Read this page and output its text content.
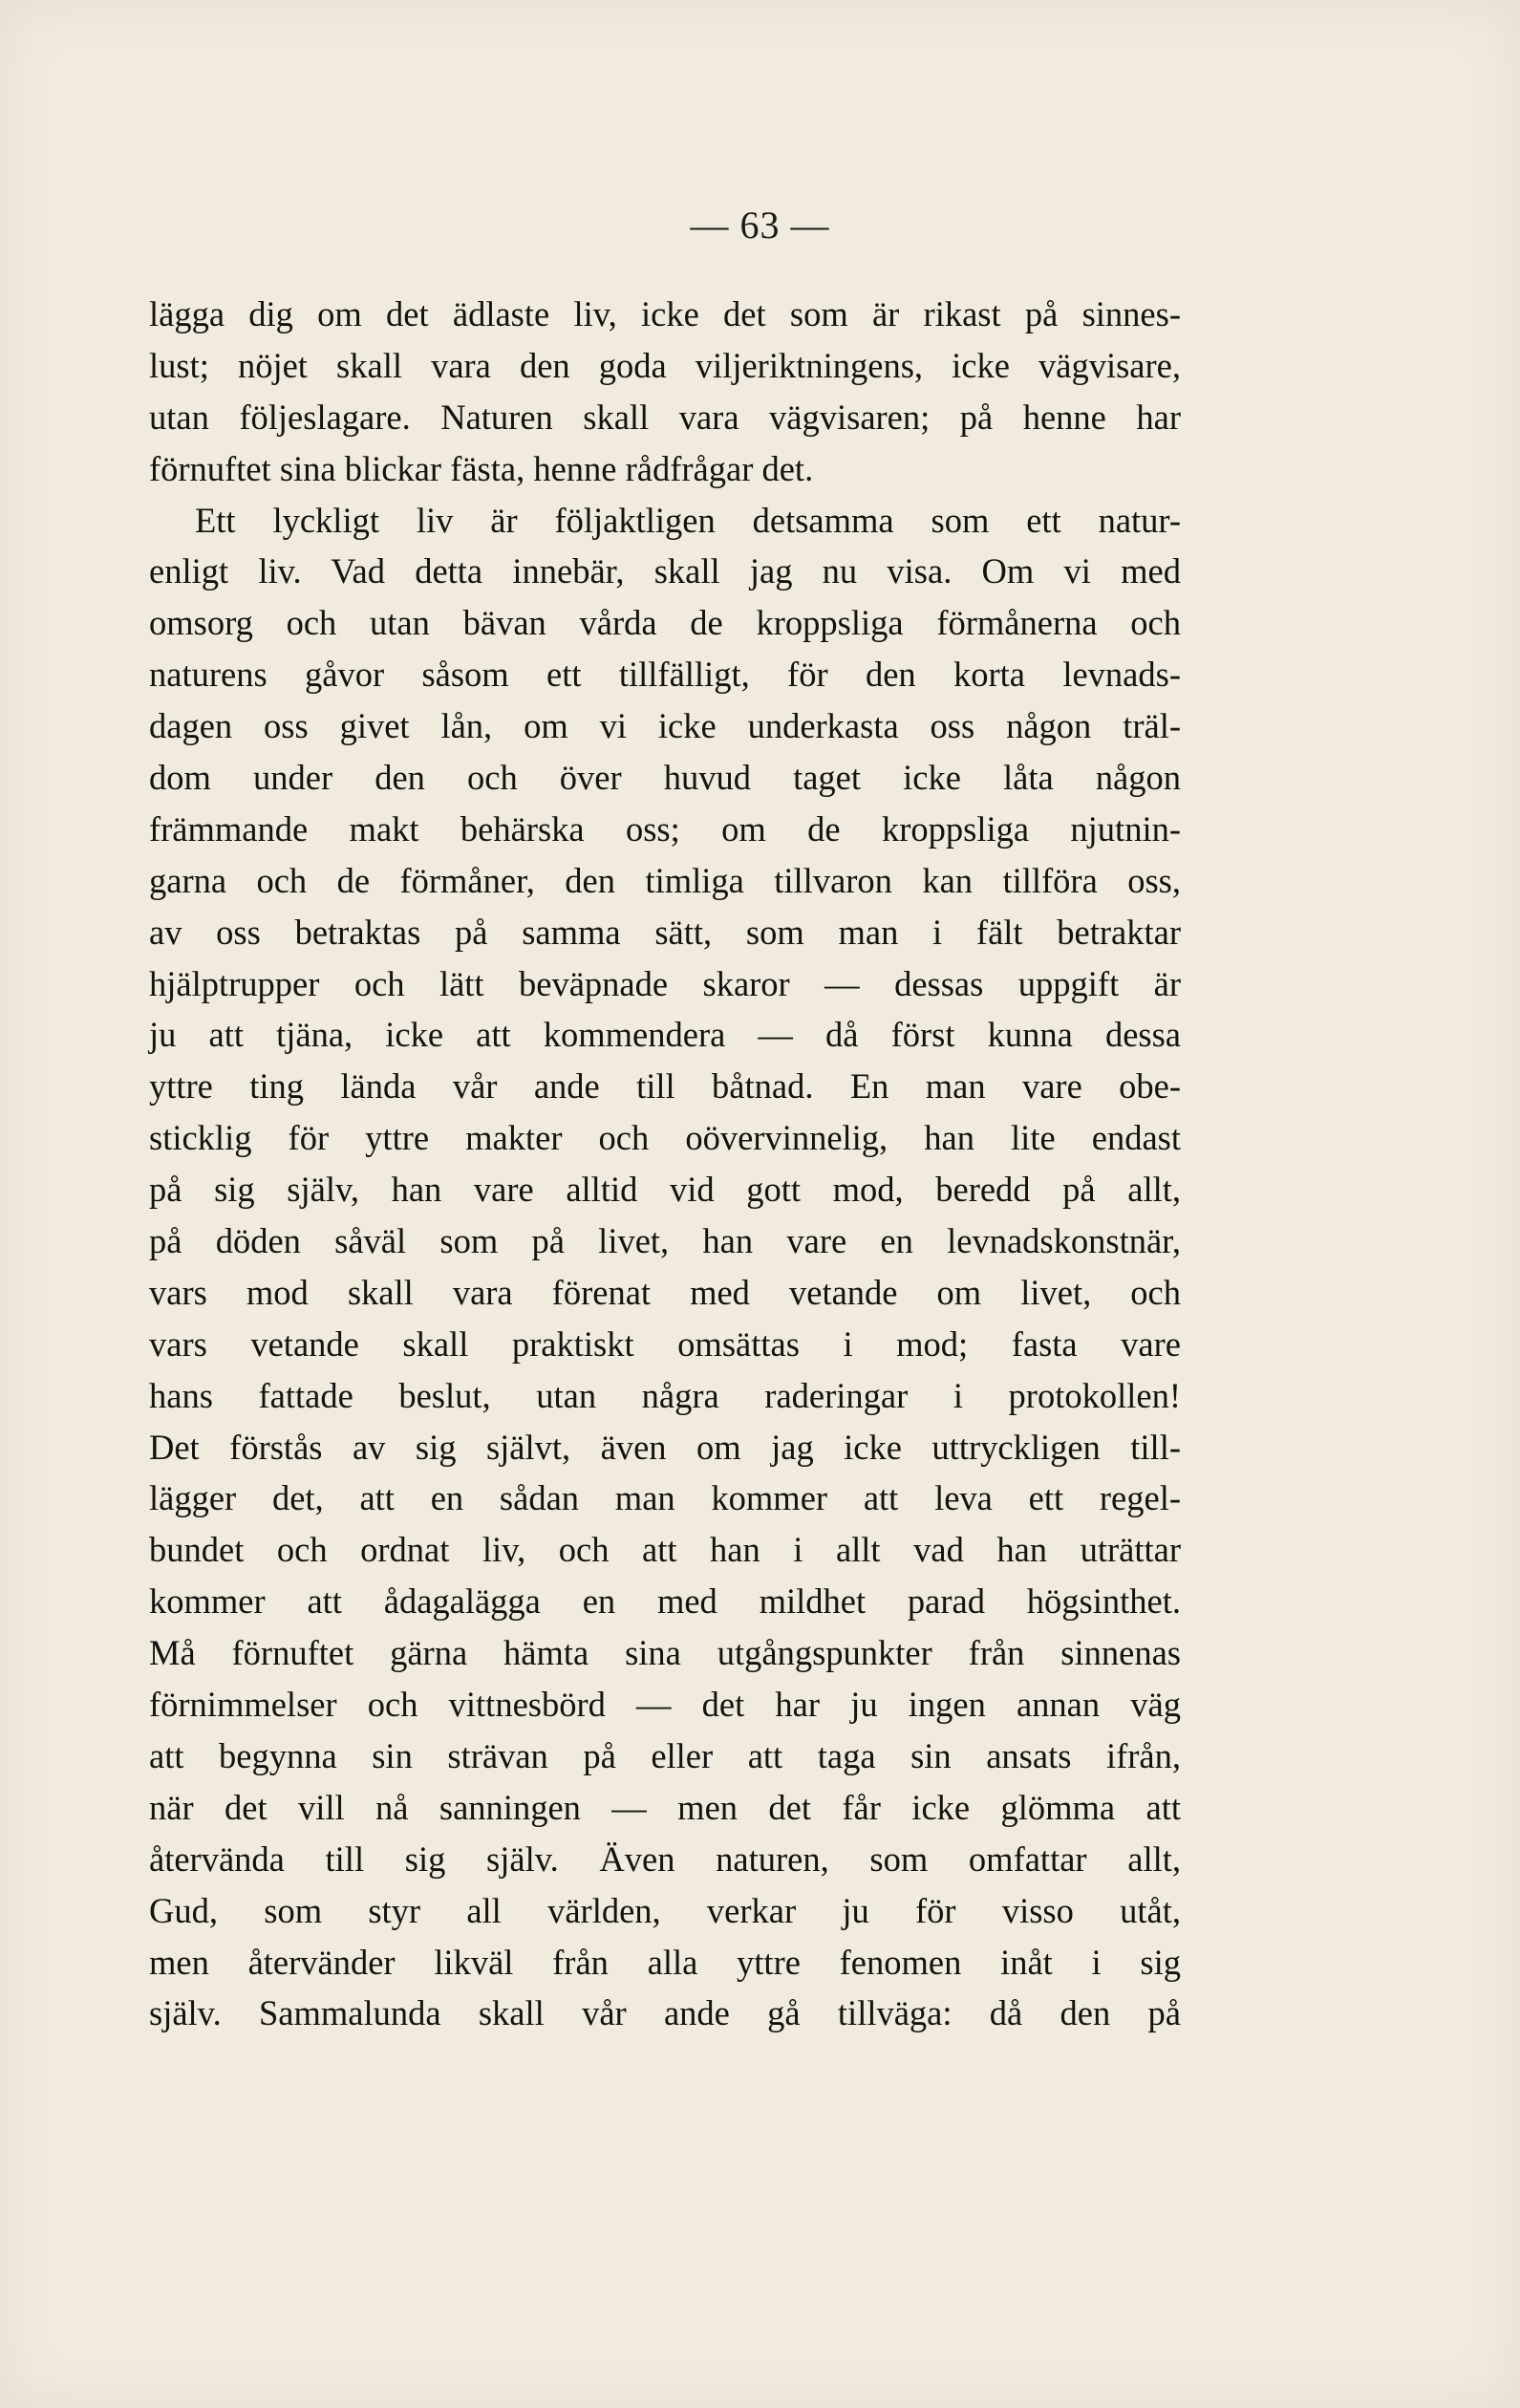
— 63 —
lägga dig om det ädlaste liv, icke det som är rikast på sinnes-
lust; nöjet skall vara den goda viljeriktningens, icke vägvisare,
utan följeslagare. Naturen skall vara vägvisaren; på henne har
förnuftet sina blickar fästa, henne rådfrågar det.
Ett lyckligt liv är följaktligen detsamma som ett natur-
enligt liv. Vad detta innebär, skall jag nu visa. Om vi med
omsorg och utan bävan vårda de kroppsliga förmånerna och
naturens gåvor såsom ett tillfälligt, för den korta levnads-
dagen oss givet lån, om vi icke underkasta oss någon träl-
dom under den och över huvud taget icke låta någon
främmande makt behärska oss; om de kroppsliga njutnin-
garna och de förmåner, den timliga tillvaron kan tillföra oss,
av oss betraktas på samma sätt, som man i fält betraktar
hjälptrupper och lätt beväpnade skaror — dessas uppgift är
ju att tjäna, icke att kommendera — då först kunna dessa
yttre ting lända vår ande till båtnad. En man vare obe-
sticklig för yttre makter och oövervinnelig, han lite endast
på sig själv, han vare alltid vid gott mod, beredd på allt,
på döden såväl som på livet, han vare en levnadskonstnär,
vars mod skall vara förenat med vetande om livet, och
vars vetande skall praktiskt omsättas i mod; fasta vare
hans fattade beslut, utan några raderingar i protokollen!
Det förstås av sig självt, även om jag icke uttryckligen till-
lägger det, att en sådan man kommer att leva ett regel-
bundet och ordnat liv, och att han i allt vad han uträttar
kommer att ådagalägga en med mildhet parad högsinthet.
Må förnuftet gärna hämta sina utgångspunkter från sinnenas
förnimmelser och vittnesbörd — det har ju ingen annan väg
att begynna sin strävan på eller att taga sin ansats ifrån,
när det vill nå sanningen — men det får icke glömma att
återvända till sig själv. Även naturen, som omfattar allt,
Gud, som styr all världen, verkar ju för visso utåt,
men återvänder likväl från alla yttre fenomen inåt i sig
själv. Sammalunda skall vår ande gå tillväga: då den på
